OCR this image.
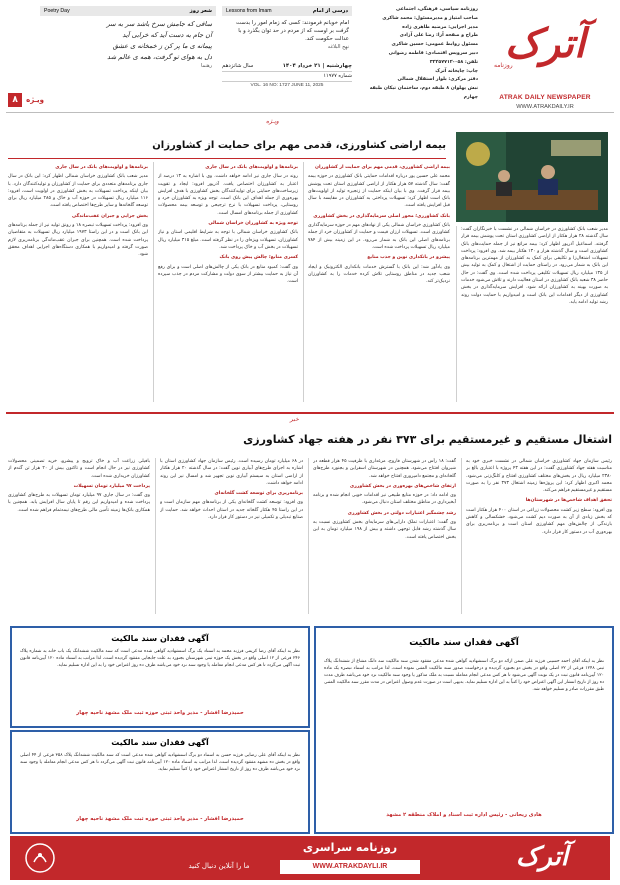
آترک
روزنامه
ATRAK DAILY NEWSPAPER
WWW.ATRAKDAILY.IR
روزنامه سیاسی، فرهنگی، اجتماعی
صاحب امتیاز و مدیرمسئول: محمد شاکری
مدیر اجرایی: مرضیه طاهری زاده
طراح و صفحه آرا: رضا علی آزادی
مسئول روابط عمومی: حسین شاکری
دبیر سرویس اقتصادی: فاطمه رضوانی
تلفن: ۰۵۸-۳۲۲۵۷۷۱۲
چاپ: چاپخانه آترک
دفتر مرکزی: بلوار استقلال شمالی
نبش پهلوان ۸ طبقه دوم، ساختمان تیکان طبقه چهارم
Lessons from Imam	درسی از امام
امام خوبانم فرمودند: کسی که زمام امور را بدست گرفت بر اوست که از مردم در حد توان بگذرد و با عدالت حکومت کند.
نهج البلاغه
چهارشنبه | ۲۱ خرداد ۱۴۰۴
سال شانزدهم
شماره ۱۱۹۷۷
VOL. 16 NO: 1727 JUNE 11, 2025
Poetry Day	شعر روز
ساقی که جامش سرخ باشد سر به سر
آن جام به دست آید که خرابی آید
پیمانه ی ما پر کن ز خمخانه ی عشق
دل به هوای تو گرفت، همه ی عالم شد
رهنما
ویـژه
۸
ویـژه
بیمه اراضی کشاورزی، قدمی مهم برای حمایت از کشاورزان

مدیر شعب بانک کشاورزی در خراسان شمالی در نشست با خبرنگاران گفت: سال گذشته ۲۸ هزار هکتار از اراضی کشاورزی استان تحت پوشش بیمه قرار گرفتند. اسماعیل آذرپور اظهار کرد: بیمه مراتع نیز از جمله حمایت‌های بانک کشاورزی است و سال گذشته هزار و ۱۳۰ هکتار بیمه شد. وی افزود: پرداخت تسهیلات اشتغال‌زا و تکلیفی برای کمک به کشاورزان از مهمترین برنامه‌های این بانک به شمار می‌رود. در راستای حمایت از اشتغال و کمک به تولید بیش از ۱۳۵ میلیارد ریال تسهیلات تکلیفی پرداخت شده است. وی گفت: در حال حاضر ۳۸ شعبه بانک کشاورزی در استان فعالیت دارند و تلاش می‌شود خدمات به صورت بهینه به کشاورزان ارائه شود. افزایش سرمایه‌گذاری در بخش کشاورزی از دیگر اقدامات این بانک است و امیدواریم با حمایت دولت روند رشد تولید ادامه یابد.

بیمه اراضی کشاورزی، قدمی مهم برای حمایت از کشاورزان

محمد علی حسین پور درباره اقدامات حمایتی بانک کشاورزی در حوزه بیمه گفت: سال گذشته ۵۷ هزار هکتار از اراضی کشاورزی استان تحت پوشش بیمه قرار گرفت. وی با بیان اینکه حمایت از زنجیره تولید از اولویت‌های بانک است اظهار کرد: تسهیلات پرداختی به کشاورزان در مقایسه با سال قبل افزایش یافته است.

بانک کشاورزی؛ محور اصلی سرمایه‌گذاری در بخش کشاورزی

بانک کشاورزی خراسان شمالی یکی از نهادهای مهم در حوزه سرمایه‌گذاری کشاورزی است. تسهیلات ارزان قیمت و حمایت از کشاورزان خرد از جمله برنامه‌های اصلی این بانک به شمار می‌رود. در این زمینه بیش از ۷۸۴ میلیارد ریال تسهیلات پرداخت شده است.

پیشرو در بانکداری نوین و جذب منابع

وی یادآور شد: این بانک با گسترش خدمات بانکداری الکترونیک و ایجاد شعب جدید در مناطق روستایی تلاش کرده خدمات را به کشاورزان نزدیک‌تر کند.

برنامه‌ها و اولویت‌های بانک در سال جاری

روند در سال جاری نیز ادامه خواهد داشت. وی با اشاره به ۱۳ درصد از اعتبار به کشاورزان اختصاص یافت. آذرپور افزود: ایجاد و تقویت زیرساخت‌های حمایتی برای تولیدکنندگان بخش کشاورزی با هدف افزایش بهره‌وری از جمله اهداف این بانک است. توجه ویژه به کشاورزان خرد و روستایی، پرداخت تسهیلات با نرخ ترجیحی و توسعه بیمه محصولات کشاورزی از جمله برنامه‌های امسال است.

توجه ویژه به کشاورزان خراسان شمالی

بانک کشاورزی خراسان شمالی با توجه به شرایط اقلیمی استان و نیاز کشاورزان، تسهیلات ویژه‌ای را در نظر گرفته است. مبلغ ۳۱۵ میلیارد ریال تسهیلات در بخش آب و خاک پرداخت شد.

کسری منابع؛ چالش پیش روی بانک

وی گفت: کمبود منابع در بانک یکی از چالش‌های اصلی است و برای رفع آن نیاز به حمایت بیشتر از سوی دولت و مشارکت مردم در جذب سپرده است.

برنامه‌ها و اولویت‌های بانک در سال جاری

مدیر شعب بانک کشاورزی خراسان شمالی اظهار کرد: این بانک در سال جاری برنامه‌های متعددی برای حمایت از کشاورزان و تولیدکنندگان دارد. با بیان اینکه پرداخت تسهیلات به بخش کشاورزی در اولویت است، افزود: ۱۱۶ میلیارد ریال تسهیلات در حوزه آب و خاک و ۲۸۵ میلیارد ریال برای توسعه گلخانه‌ها و سایر طرح‌ها اختصاص یافته است.

بخش جزایی و جبران عقب‌ماندگی

وی افزود: پرداخت تسهیلات تبصره ۱۸ و رونق تولید نیز از جمله برنامه‌های این بانک است و در این راستا ۱۹۷۳ میلیارد ریال تسهیلات به متقاضیان پرداخت شده است. همچنین برای جبران عقب‌ماندگی برنامه‌ریزی لازم صورت گرفته و امیدواریم با همکاری دستگاه‌های اجرایی اهداف محقق شود.

خبر
اشتغال مستقیم و غیرمستقیم برای ۳۷۳ نفر در هفته جهاد کشاورزی

رئیس سازمان جهاد کشاورزی خراسان شمالی در نشست خبری خود به مناسبت هفته جهاد کشاورزی گفت: در این هفته ۴۳ پروژه با اعتباری بالغ بر ۲۳۸۰ میلیارد ریال در بخش‌های مختلف کشاورزی افتتاح و کلنگ‌زنی می‌شود. محمد اکبری اظهار کرد: این پروژه‌ها زمینه اشتغال ۳۷۳ نفر را به صورت مستقیم و غیرمستقیم فراهم می‌کند.

تحقق اهداف شاخص‌ها در شهرستان‌ها

وی افزود: سطح زیر کشت محصولات زراعی در استان ۴۰۰ هزار هکتار است که بخش زیادی از آن به صورت دیم کشت می‌شود. خشکسالی و کاهش بارندگی از چالش‌های مهم کشاورزی استان است و برنامه‌ریزی برای بهره‌وری آب در دستور کار قرار دارد.

گفت: ۱۸ رأس در شهرستان فاروج، مرغداری با ظرفیت ۴۵ هزار قطعه در شیروان افتتاح می‌شود. همچنین در شهرستان اسفراین و بجنورد طرح‌های گلخانه‌ای و مجتمع دامپروری افتتاح خواهد شد.

ارتقای شاخص‌های بهره‌وری در بخش کشاورزی

وی ادامه داد: در حوزه منابع طبیعی نیز اقدامات خوبی انجام شده و برنامه آبخیزداری در مناطق مختلف استان دنبال می‌شود.

رشد چشمگیر اعتبارات دولتی در بخش کشاورزی

وی گفت: اعتبارات تملک دارایی‌های سرمایه‌ای بخش کشاورزی نسبت به سال گذشته رشد قابل توجهی داشته و بیش از ۱۹۸ میلیارد تومان به این بخش اختصاص یافته است.

در ۶۸ میلیارد تومان رسیده است. رئیس سازمان جهاد کشاورزی استان با اشاره به اجرای طرح‌های آبیاری نوین گفت: در سال گذشته ۲۰ هزار هکتار از اراضی استان به سیستم آبیاری نوین تجهیز شد و امسال نیز این روند ادامه خواهد داشت.

برنامه‌ریزی برای توسعه کشت گلخانه‌ای

وی افزود: توسعه کشت گلخانه‌ای یکی از برنامه‌های مهم سازمان است و در این راستا ۴۵ هکتار گلخانه جدید در استان احداث خواهد شد. حمایت از صنایع تبدیلی و تکمیلی نیز در دستور کار قرار دارد.

بافیلی زراعت آب و خاک ترویج و پیشرو، خرید تضمینی محصولات کشاورزی نیز در حال انجام است و تاکنون بیش از ۲۰ هزار تن گندم از کشاورزان خریداری شده است.

پرداخت ۹۷ میلیارد تومان تسهیلات

وی گفت: در سال جاری ۹۷ میلیارد تومان تسهیلات به طرح‌های کشاورزی پرداخت شده و امیدواریم این رقم تا پایان سال افزایش یابد. همچنین با همکاری بانک‌ها زمینه تأمین مالی طرح‌های نیمه‌تمام فراهم شده است.

آگهی فقدان سند مالکیت
نظر به اینکه آقای احمد حسینی فرزند علی ضمن ارائه دو برگ استشهادیه گواهی شده مدعی مفقود شدن سند مالکیت سه دانگ مشاع از ششدانگ پلاک ثبتی ۱۲۴۸ فرعی از ۳۲ اصلی واقع در بخش دو بجنورد گردیده و درخواست صدور سند مالکیت المثنی نموده است، لذا مراتب به استناد تبصره یک ماده ۱۲۰ آیین‌نامه قانون ثبت در یک نوبت آگهی می‌شود تا هر کس مدعی انجام معامله نسبت به ملک مذکور یا وجود سند مالکیت نزد خود می‌باشد ظرف مدت ده روز از تاریخ انتشار این آگهی اعتراض خود را کتباً به این اداره تسلیم نماید. بدیهی است در صورت عدم وصول اعتراض در مدت مقرر سند مالکیت المثنی طبق مقررات صادر و تسلیم خواهد شد.
هادی ریحانی - رئیس اداره ثبت اسناد و املاک منطقه ۲ مشهد
آگهی فقدان سند مالکیت
نظر به اینکه آقای رضا کریمی فرزند محمد به استناد یک برگ استشهادیه گواهی شده مدعی است که سند مالکیت ششدانگ یک باب خانه به شماره پلاک ۲۴۶ فرعی از ۱۲ اصلی واقع در بخش یک حوزه ثبتی شهرستان بجنورد به علت جابجایی مفقود گردیده است، لذا مراتب به استناد ماده ۱۲۰ آیین‌نامه قانون ثبت آگهی می‌گردد تا هر کس مدعی انجام معامله یا وجود سند نزد خود می‌باشد ظرف ده روز اعتراض خود را به این اداره تسلیم نماید.
حمیدرضا افشار - مدیر واحد ثبتی حوزه ثبت ملک مشهد ناحیه چهار
آگهی فقدان سند مالکیت
نظر به اینکه آقای علی رضایی فرزند حسن به استناد دو برگ استشهادیه گواهی شده مدعی است که سند مالکیت ششدانگ پلاک ۳۵۸ فرعی از ۴۴ اصلی واقع در بخش ده مشهد مفقود گردیده است، لذا مراتب به استناد ماده ۱۲۰ آیین‌نامه قانون ثبت آگهی می‌گردد تا هر کس مدعی انجام معامله یا وجود سند نزد خود می‌باشد ظرف ده روز از تاریخ انتشار اعتراض خود را کتباً تسلیم نماید.
حمیدرضا افشار - مدیر واحد ثبتی حوزه ثبت ملک مشهد ناحیه چهار
آترک
روزنامه سراسری
WWW.ATRAKDAYLI.IR
ما را آنلاین دنبال کنید
